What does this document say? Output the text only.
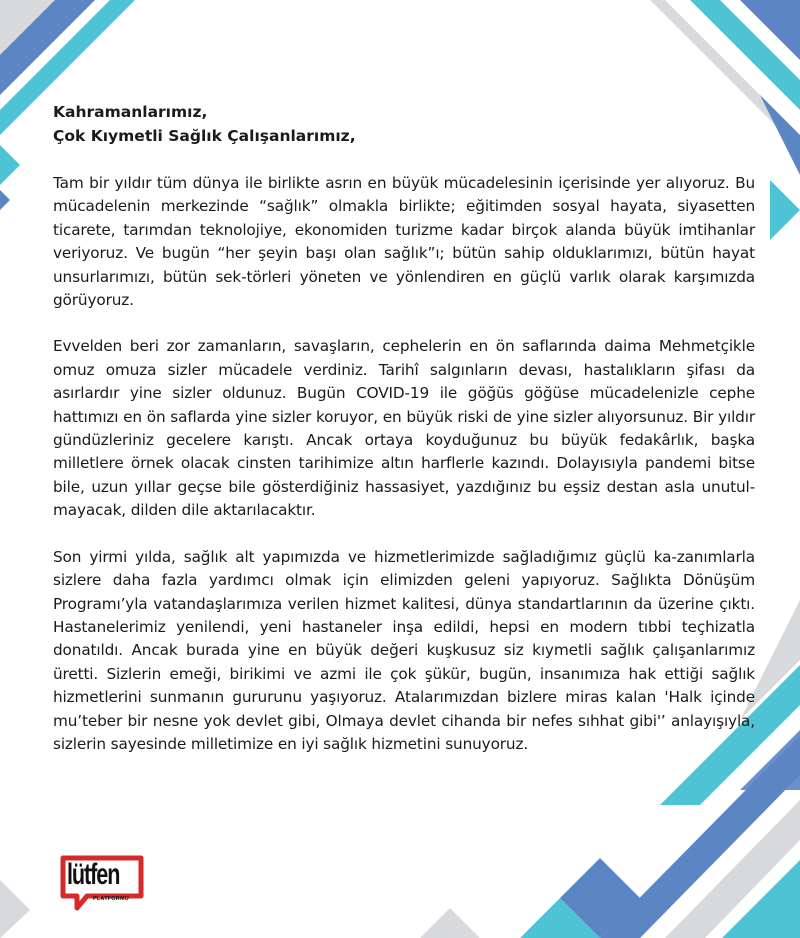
Kahramanlarımız,

Çok Kıymetli Sağlık Çalışanlarımız,

Tam bir yıldır tüm dünya ile birlikte asrın en büyük mücadelesinin içerisinde yer alıyoruz. Bu mücadelenin merkezinde “sağlık” olmakla birlikte; eğitimden sosyal hayata, siyasetten ticarete, tarımdan teknolojiye, ekonomiden turizme kadar birçok alanda büyük imtihanlar veriyoruz. Ve bugün “her şeyin başı olan sağlık”ı; bütün sahip olduklarımızı, bütün hayat unsurlarımızı, bütün sek-törleri yöneten ve yönlendiren en güçlü varlık olarak karşımızda görüyoruz.

Evvelden beri zor zamanların, savaşların, cephelerin en ön saflarında daima Mehmetçikle omuz omuza sizler mücadele verdiniz. Tarihî salgınların devası, hastalıkların şifası da asırlardır yine sizler oldunuz. Bugün COVID-19 ile göğüs göğüse mücadelenizle cephe hattımızı en ön saflarda yine sizler koruyor, en büyük riski de yine sizler alıyorsunuz. Bir yıldır gündüzleriniz gecelere karıştı. Ancak ortaya koyduğunuz bu büyük fedakârlık, başka milletlere örnek olacak cinsten tarihimize altın harflerle kazındı. Dolayısıyla pandemi bitse bile, uzun yıllar geçse bile gösterdiğiniz hassasiyet, yazdığınız bu eşsiz destan asla unutul-mayacak, dilden dile aktarılacaktır.

Son yirmi yılda, sağlık alt yapımızda ve hizmetlerimizde sağladığımız güçlü ka-zanımlarla sizlere daha fazla yardımcı olmak için elimizden geleni yapıyoruz. Sağlıkta Dönüşüm Programı’yla vatandaşlarımıza verilen hizmet kalitesi, dünya standartlarının da üzerine çıktı. Hastanelerimiz yenilendi, yeni hastaneler inşa edildi, hepsi en modern tıbbi teçhizatla donatıldı. Ancak burada yine en büyük değeri kuşkusuz siz kıymetli sağlık çalışanlarımız üretti. Sizlerin emeği, birikimi ve azmi ile çok şükür, bugün, insanımıza hak ettiği sağlık hizmetlerini sunmanın gururunu yaşıyoruz. Atalarımızdan bizlere miras kalan 'Halk içinde mu’teber bir nesne yok devlet gibi, Olmaya devlet cihanda bir nefes sıhhat gibi'’ anlayışıyla, sizlerin sayesinde milletimize en iyi sağlık hizmetini sunuyoruz.

lütfen
PLATFORMU
